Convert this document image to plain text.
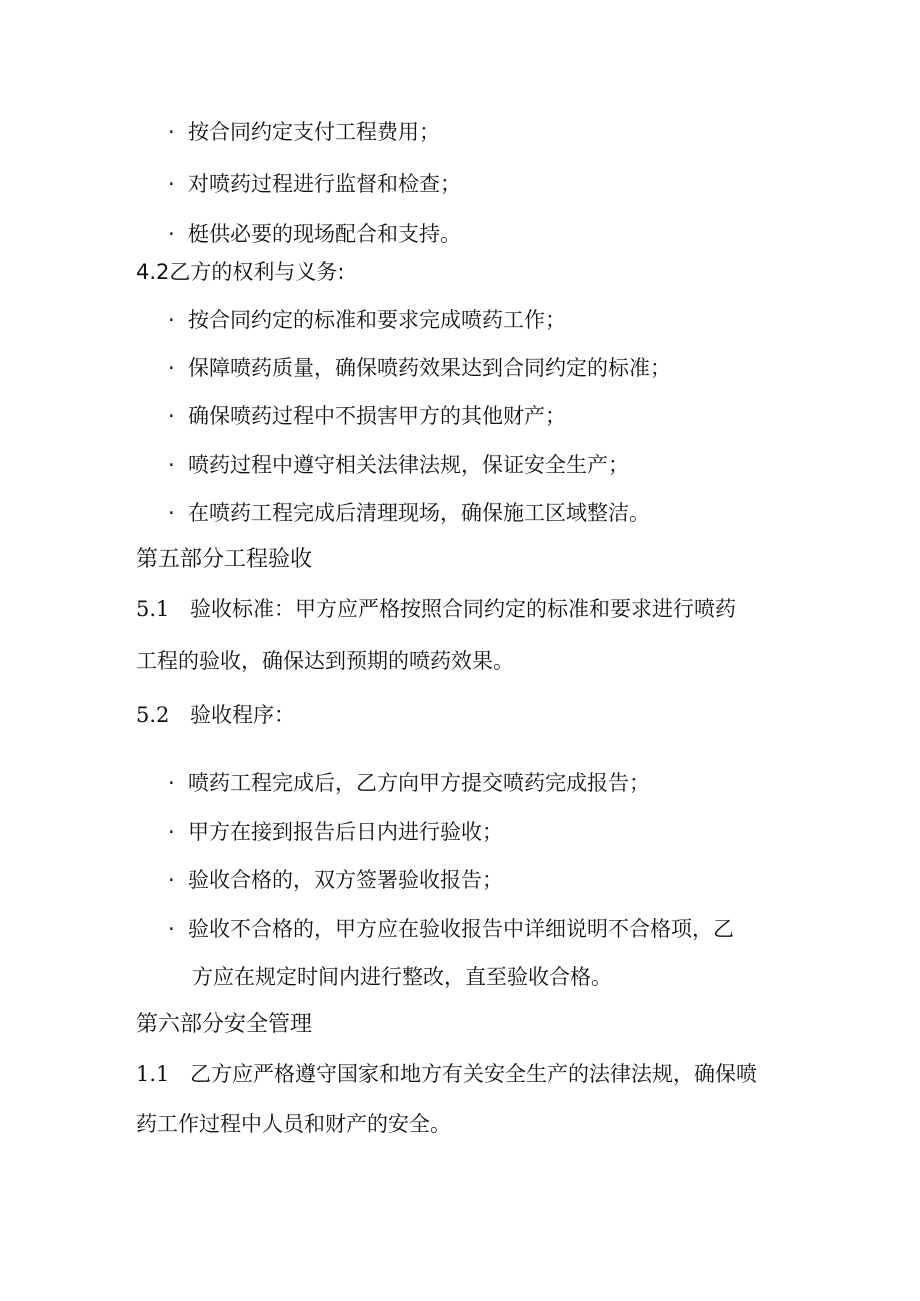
· 按合同约定支付工程费用；
· 对喷药过程进行监督和检查；
· 梃供必要的现场配合和支持。
4.2乙方的权利与义务:
· 按合同约定的标准和要求完成喷药工作；
· 保障喷药质量，确保喷药效果达到合同约定的标准；
· 确保喷药过程中不损害甲方的其他财产；
· 喷药过程中遵守相关法律法规，保证安全生产；
· 在喷药工程完成后清理现场，确保施工区域整洁。
第五部分工程验收
5.1 验收标准：甲方应严格按照合同约定的标准和要求进行喷药
工程的验收，确保达到预期的喷药效果。
5.2 验收程序：
· 喷药工程完成后，乙方向甲方提交喷药完成报告；
· 甲方在接到报告后日内进行验收；
· 验收合格的，双方签署验收报告；
· 验收不合格的，甲方应在验收报告中详细说明不合格项，乙
方应在规定时间内进行整改，直至验收合格。
第六部分安全管理
1.1 乙方应严格遵守国家和地方有关安全生产的法律法规，确保喷
药工作过程中人员和财产的安全。
